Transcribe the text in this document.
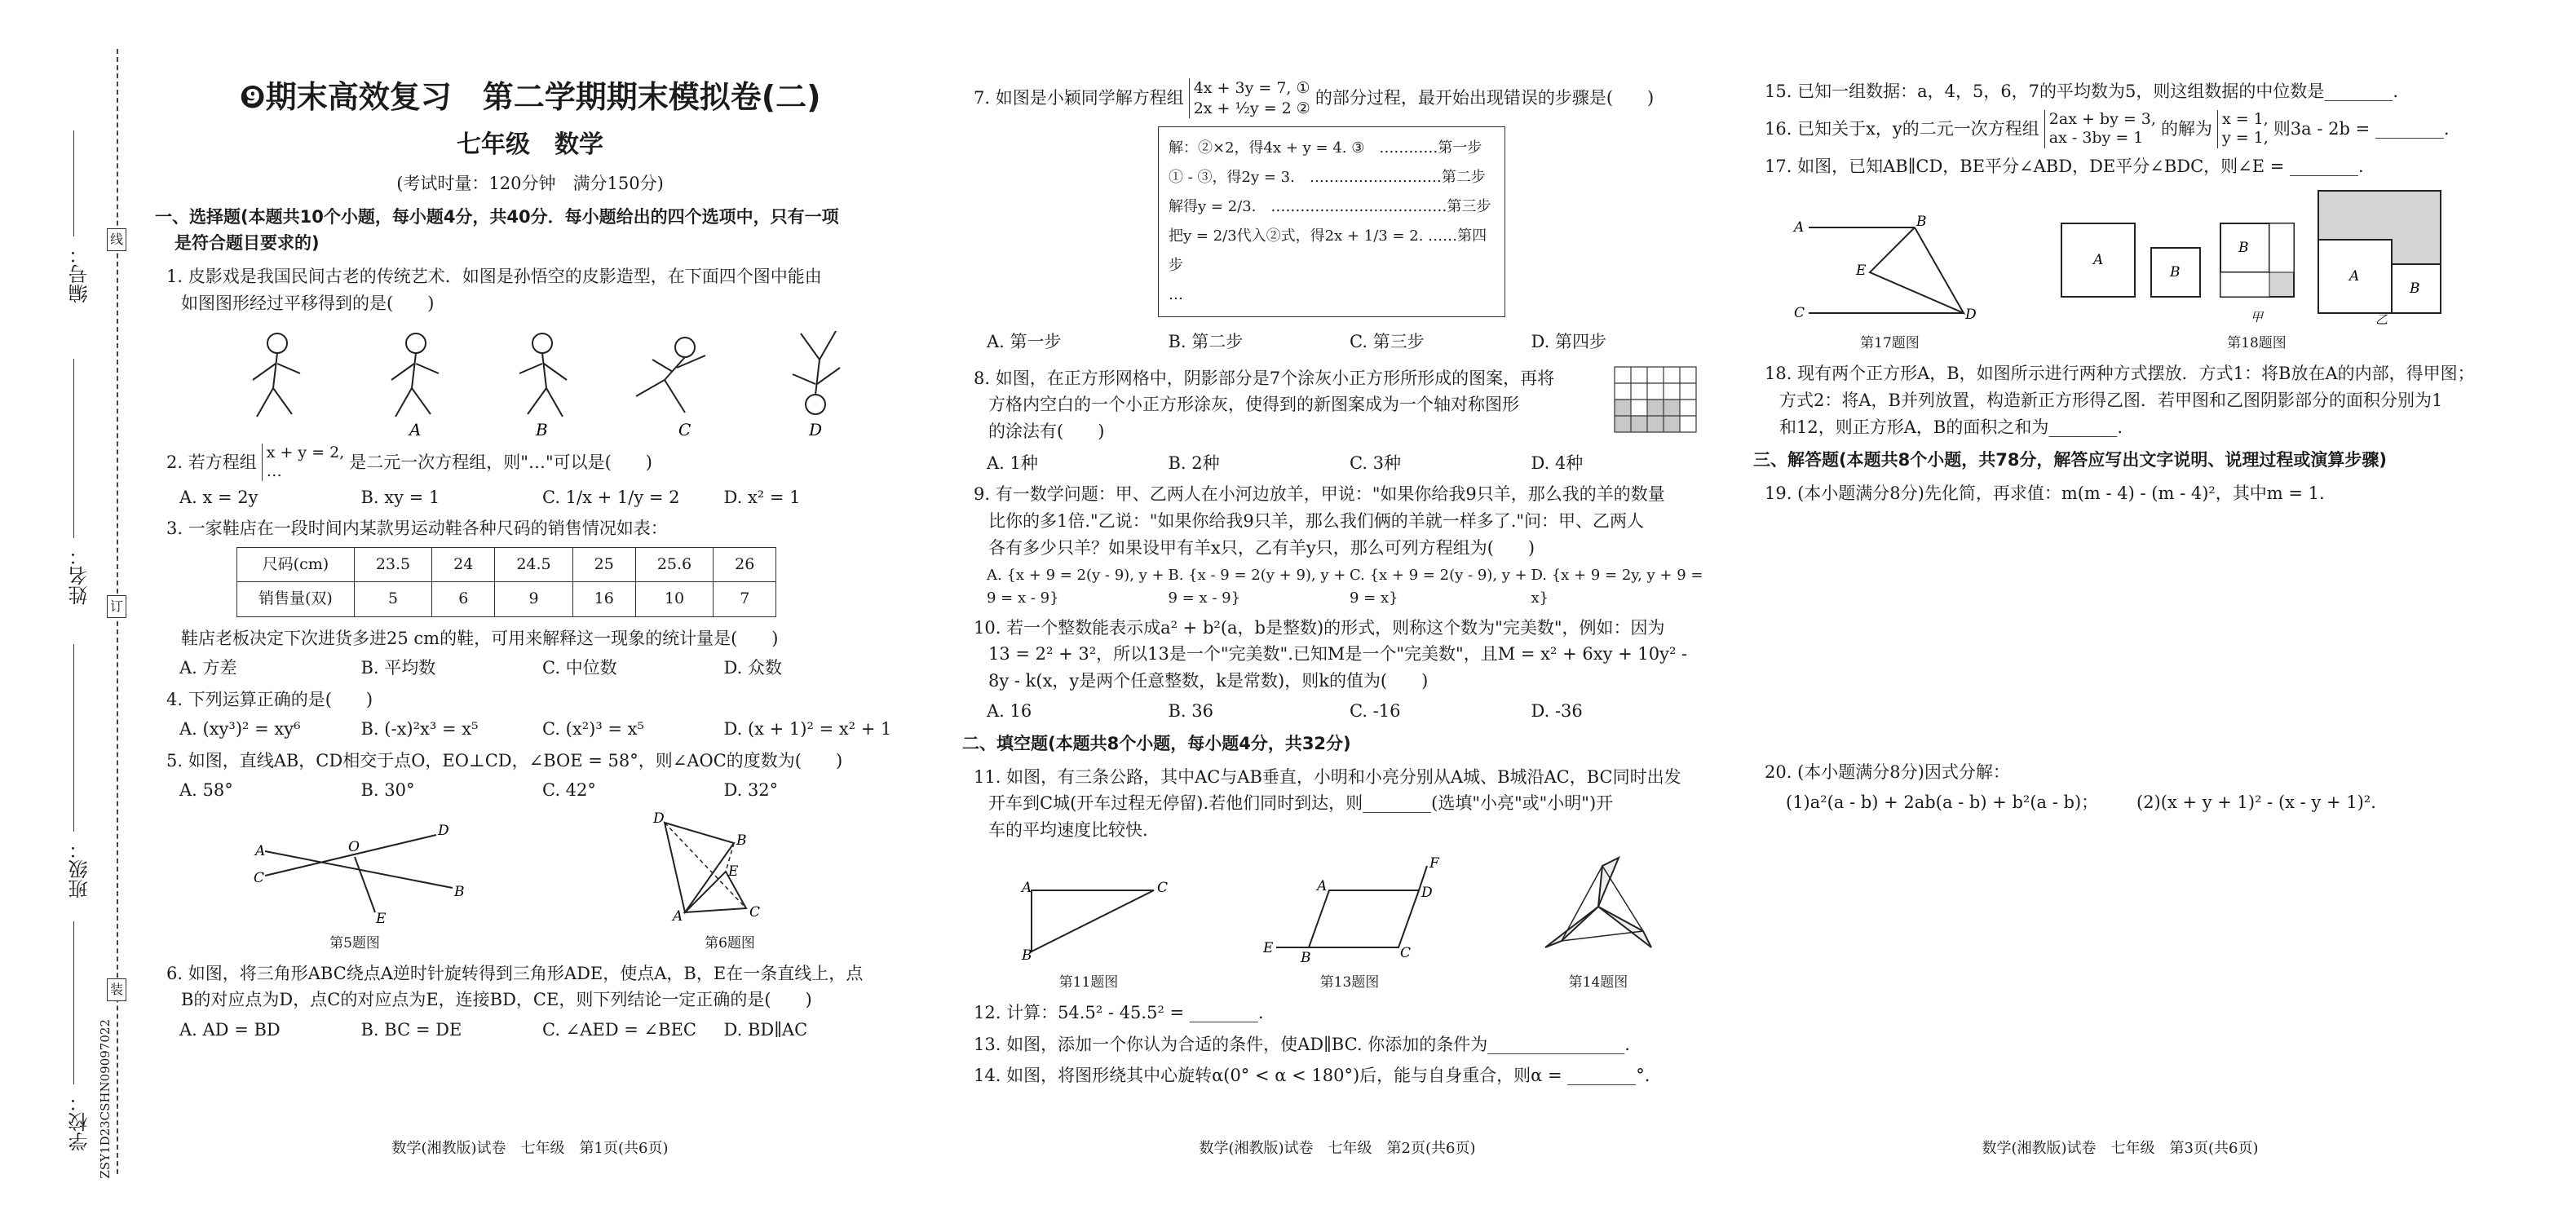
编号：
姓名：
班级：
学校：
线
订
装
ZSY1D23CSHN09097022
❾期末高效复习　第二学期期末模拟卷(二)
七年级　数学
(考试时量：120分钟　满分150分)
一、选择题(本题共10个小题，每小题4分，共40分．每小题给出的四个选项中，只有一项
是符合题目要求的)
1. 皮影戏是我国民间古老的传统艺术．如图是孙悟空的皮影造型，在下面四个图中能由
如图图形经过平移得到的是(　　)
A	B	C	D
2. 若方程组 x + y = 2,
…	是二元一次方程组，则"…"可以是(　　)
A. x = 2y	B. xy = 1	C. 1/x + 1/y = 2	D. x² = 1
3. 一家鞋店在一段时间内某款男运动鞋各种尺码的销售情况如表：
尺码(cm)	23.5	24	24.5	25	25.6	26
销售量(双)	5	6	9	16	10	7
鞋店老板决定下次进货多进25 cm的鞋，可用来解释这一现象的统计量是(　　)
A. 方差	B. 平均数	C. 中位数	D. 众数
4. 下列运算正确的是(　　)
A. (xy³)² = xy⁶	B. (-x)²x³ = x⁵	C. (x²)³ = x⁵	D. (x + 1)² = x² + 1
5. 如图，直线AB，CD相交于点O，EO⊥CD，∠BOE = 58°，则∠AOC的度数为(　　)
A. 58°	B. 30°	C. 42°	D. 32°
A
B
C
D
O
E
第5题图
D
B
A	C
E
第6题图
6. 如图，将三角形ABC绕点A逆时针旋转得到三角形ADE，使点A，B，E在一条直线上，点
B的对应点为D，点C的对应点为E，连接BD，CE，则下列结论一定正确的是(　　)
A. AD = BD	B. BC = DE	C. ∠AED = ∠BEC	D. BD∥AC
数学(湘教版)试卷　七年级　第1页(共6页)
7. 如图是小颖同学解方程组
4x + 3y = 7, ①
2x + ½y = 2 ②
的部分过程，最开始出现错误的步骤是(　　)
解：②×2，得4x + y = 4. ③　…………第一步
① - ③，得2y = 3.　………………………第二步
解得y = 2/3.　………………………………第三步
把y = 2/3代入②式，得2x + 1/3 = 2. ……第四步
…
A. 第一步	B. 第二步	C. 第三步	D. 第四步
8. 如图，在正方形网格中，阴影部分是7个涂灰小正方形所形成的图案，再将
方格内空白的一个小正方形涂灰，使得到的新图案成为一个轴对称图形
的涂法有(　　)
A. 1种	B. 2种	C. 3种	D. 4种
9. 有一数学问题：甲、乙两人在小河边放羊，甲说："如果你给我9只羊，那么我的羊的数量
比你的多1倍."乙说："如果你给我9只羊，那么我们俩的羊就一样多了."问：甲、乙两人
各有多少只羊？如果设甲有羊x只，乙有羊y只，那么可列方程组为(　　)
A. {x + 9 = 2(y - 9), y + 9 = x - 9}
B. {x - 9 = 2(y + 9), y + 9 = x - 9}
C. {x + 9 = 2(y - 9), y + 9 = x}
D. {x + 9 = 2y, y + 9 = x}
10. 若一个整数能表示成a² + b²(a，b是整数)的形式，则称这个数为"完美数"，例如：因为
13 = 2² + 3²，所以13是一个"完美数".已知M是一个"完美数"，且M = x² + 6xy + 10y² -
8y - k(x，y是两个任意整数，k是常数)，则k的值为(　　)
A. 16	B. 36	C. -16	D. -36
二、填空题(本题共8个小题，每小题4分，共32分)
11. 如图，有三条公路，其中AC与AB垂直，小明和小亮分别从A城、B城沿AC，BC同时出发
开车到C城(开车过程无停留).若他们同时到达，则________(选填"小亮"或"小明")开
车的平均速度比较快.
A
B
C
第11题图
A	D
B	C
E
F
第13题图	第14题图
12. 计算：54.5² - 45.5² = ________.
13. 如图，添加一个你认为合适的条件，使AD∥BC. 你添加的条件为________________.
14. 如图，将图形绕其中心旋转α(0° < α < 180°)后，能与自身重合，则α = ________°.
数学(湘教版)试卷　七年级　第2页(共6页)
15. 已知一组数据：a，4，5，6，7的平均数为5，则这组数据的中位数是________.
16. 已知关于x，y的二元一次方程组
2ax + by = 3,
ax - 3by = 1	的解为
x = 1,
y = 1, 则3a - 2b = ________.
17. 如图，已知AB∥CD，BE平分∠ABD，DE平分∠BDC，则∠E = ________.
A	B
C	D
E
第17题图
A
B
B
A
B
甲	乙
第18题图
18. 现有两个正方形A，B，如图所示进行两种方式摆放．方式1：将B放在A的内部，得甲图；
方式2：将A，B并列放置，构造新正方形得乙图．若甲图和乙图阴影部分的面积分别为1
和12，则正方形A，B的面积之和为________.
三、解答题(本题共8个小题，共78分，解答应写出文字说明、说理过程或演算步骤)
19. (本小题满分8分)先化简，再求值：m(m - 4) - (m - 4)²，其中m = 1.
20. (本小题满分8分)因式分解：
(1)a²(a - b) + 2ab(a - b) + b²(a - b)；	(2)(x + y + 1)² - (x - y + 1)².
数学(湘教版)试卷　七年级　第3页(共6页)
